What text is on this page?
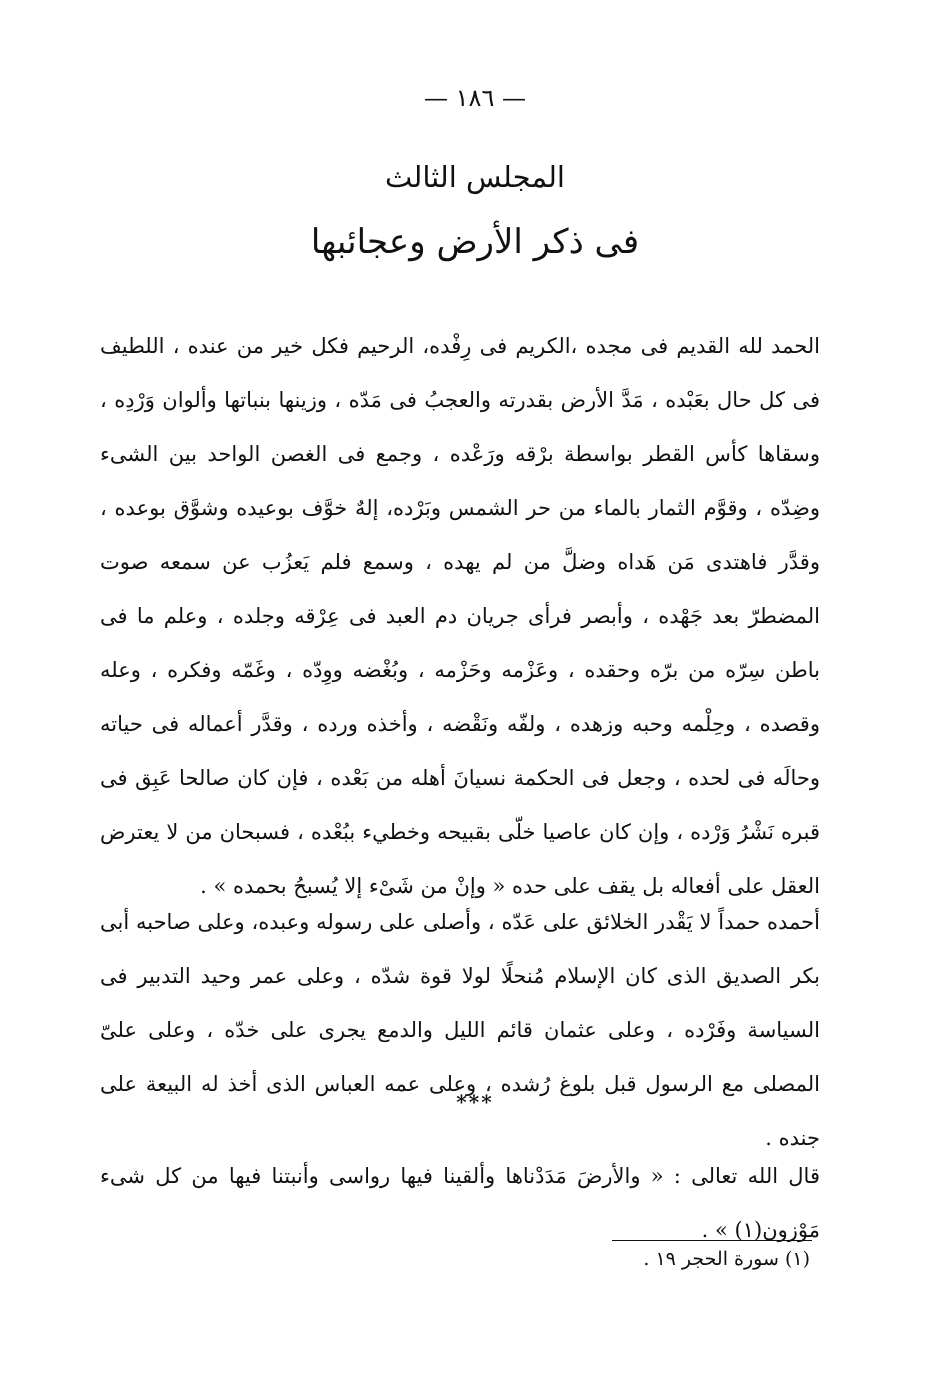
— ١٨٦ —
المجلس الثالث
فى ذكر الأرض وعجائبها

الحمد لله القديم فى مجده ،الكريم فى رِفْده، الرحيم فكل خير من عنده ، اللطيف فى كل حال بعَبْده ، مَدَّ الأرض بقدرته والعجبُ فى مَدّه ، وزينها بنباتها وألوان وَرْدِه ، وسقاها كأس القطر بواسطة برْقه ورَعْده ، وجمع فى الغصن الواحد بين الشىء وضِدّه ، وقوَّم الثمار بالماء من حر الشمس وبَرْده، إلهٌ خوَّف بوعيده وشوَّق بوعده ، وقدَّر فاهتدى مَن هَداه وضلَّ من لم يهده ، وسمع فلم يَعزُب عن سمعه صوت المضطرّ بعد جَهْده ، وأبصر فرأى جريان دم العبد فى عِرْقه وجلده ، وعلم ما فى باطن سِرّه من برّه وحقده ، وعَزْمه وحَزْمه ، وبُغْضه ووِدّه ، وغَمّه وفكره ، وعله وقصده ، وحِلْمه وحبه وزهده ، ولفّه ونَقْضه ، وأخذه ورده ، وقدَّر أعماله فى حياته وحالَه فى لحده ، وجعل فى الحكمة نسيانَ أهله من بَعْده ، فإن كان صالحا عَبِق فى قبره نَشْرُ وَرْده ، وإن كان عاصيا خلّى بقبيحه وخطيء ببُعْده ، فسبحان من لا يعترض العقل على أفعاله بل يقف على حده « وإنْ من شَىْء إلا يُسبحُ بحمده » .

أحمده حمداً لا يَقْدر الخلائق على عَدّه ، وأصلى على رسوله وعبده، وعلى صاحبه أبى بكر الصديق الذى كان الإسلام مُنحلًا لولا قوة شدّه ، وعلى عمر وحيد التدبير فى السياسة وفَرْده ، وعلى عثمان قائم الليل والدمع يجرى على خدّه ، وعلى علىّ المصلى مع الرسول قبل بلوغ رُشده ، وعلى عمه العباس الذى أخذ له البيعة على جنده .

***

قال الله تعالى : « والأرضَ مَدَدْناها وألقينا فيها رواسى وأنبتنا فيها من كل شىء مَوْزون(١) » .

(١) سورة الحجر ١٩ .
